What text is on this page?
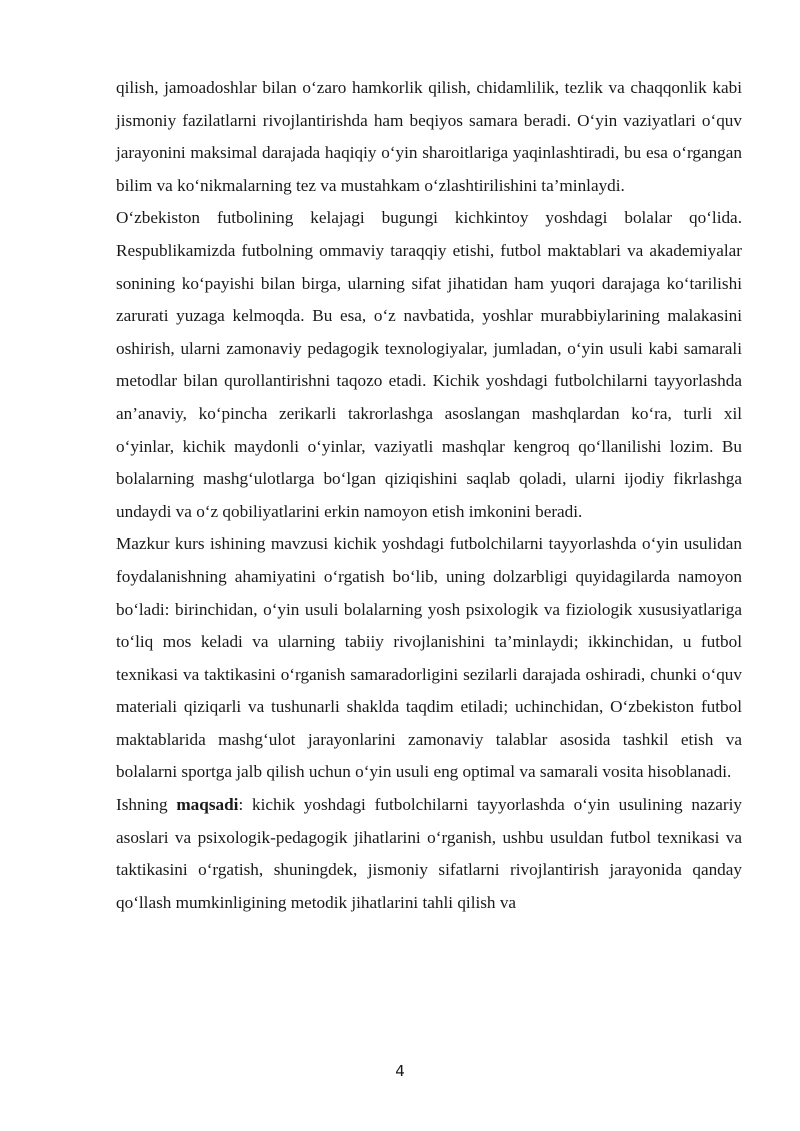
qilish, jamoadoshlar bilan o‘zaro hamkorlik qilish, chidamlilik, tezlik va chaqqonlik kabi jismoniy fazilatlarni rivojlantirishda ham beqiyos samara beradi. O‘yin vaziyatlari o‘quv jarayonini maksimal darajada haqiqiy o‘yin sharoitlariga yaqinlashtiradi, bu esa o‘rgangan bilim va ko‘nikmalarning tez va mustahkam o‘zlashtirilishini ta’minlaydi.

O‘zbekiston futbolining kelajagi bugungi kichkintoy yoshdagi bolalar qo‘lida. Respublikamizda futbolning ommaviy taraqqiy etishi, futbol maktablari va akademiyalar sonining ko‘payishi bilan birga, ularning sifat jihatidan ham yuqori darajaga ko‘tarilishi zarurati yuzaga kelmoqda. Bu esa, o‘z navbatida, yoshlar murabbiylarining malakasini oshirish, ularni zamonaviy pedagogik texnologiyalar, jumladan, o‘yin usuli kabi samarali metodlar bilan qurollantirishni taqozo etadi. Kichik yoshdagi futbolchilarni tayyorlashda an’anaviy, ko‘pincha zerikarli takrorlashga asoslangan mashqlardan ko‘ra, turli xil o‘yinlar, kichik maydonli o‘yinlar, vaziyatli mashqlar kengroq qo‘llanilishi lozim. Bu bolalarning mashg‘ulotlarga bo‘lgan qiziqishini saqlab qoladi, ularni ijodiy fikrlashga undaydi va o‘z qobiliyatlarini erkin namoyon etish imkonini beradi.

Mazkur kurs ishining mavzusi kichik yoshdagi futbolchilarni tayyorlashda o‘yin usulidan foydalanishning ahamiyatini o‘rgatish bo‘lib, uning dolzarbligi quyidagilarda namoyon bo‘ladi: birinchidan, o‘yin usuli bolalarning yosh psixologik va fiziologik xususiyatlariga to‘liq mos keladi va ularning tabiiy rivojlanishini ta’minlaydi; ikkinchidan, u futbol texnikasi va taktikasini o‘rganish samaradorligini sezilarli darajada oshiradi, chunki o‘quv materiali qiziqarli va tushunarli shaklda taqdim etiladi; uchinchidan, O‘zbekiston futbol maktablarida mashg‘ulot jarayonlarini zamonaviy talablar asosida tashkil etish va bolalarni sportga jalb qilish uchun o‘yin usuli eng optimal va samarali vosita hisoblanadi.

Ishning maqsadi: kichik yoshdagi futbolchilarni tayyorlashda o‘yin usulining nazariy asoslari va psixologik-pedagogik jihatlarini o‘rganish, ushbu usuldan futbol texnikasi va taktikasini o‘rgatish, shuningdek, jismoniy sifatlarni rivojlantirish jarayonida qanday qo‘llash mumkinligining metodik jihatlarini tahli qilish va

4
